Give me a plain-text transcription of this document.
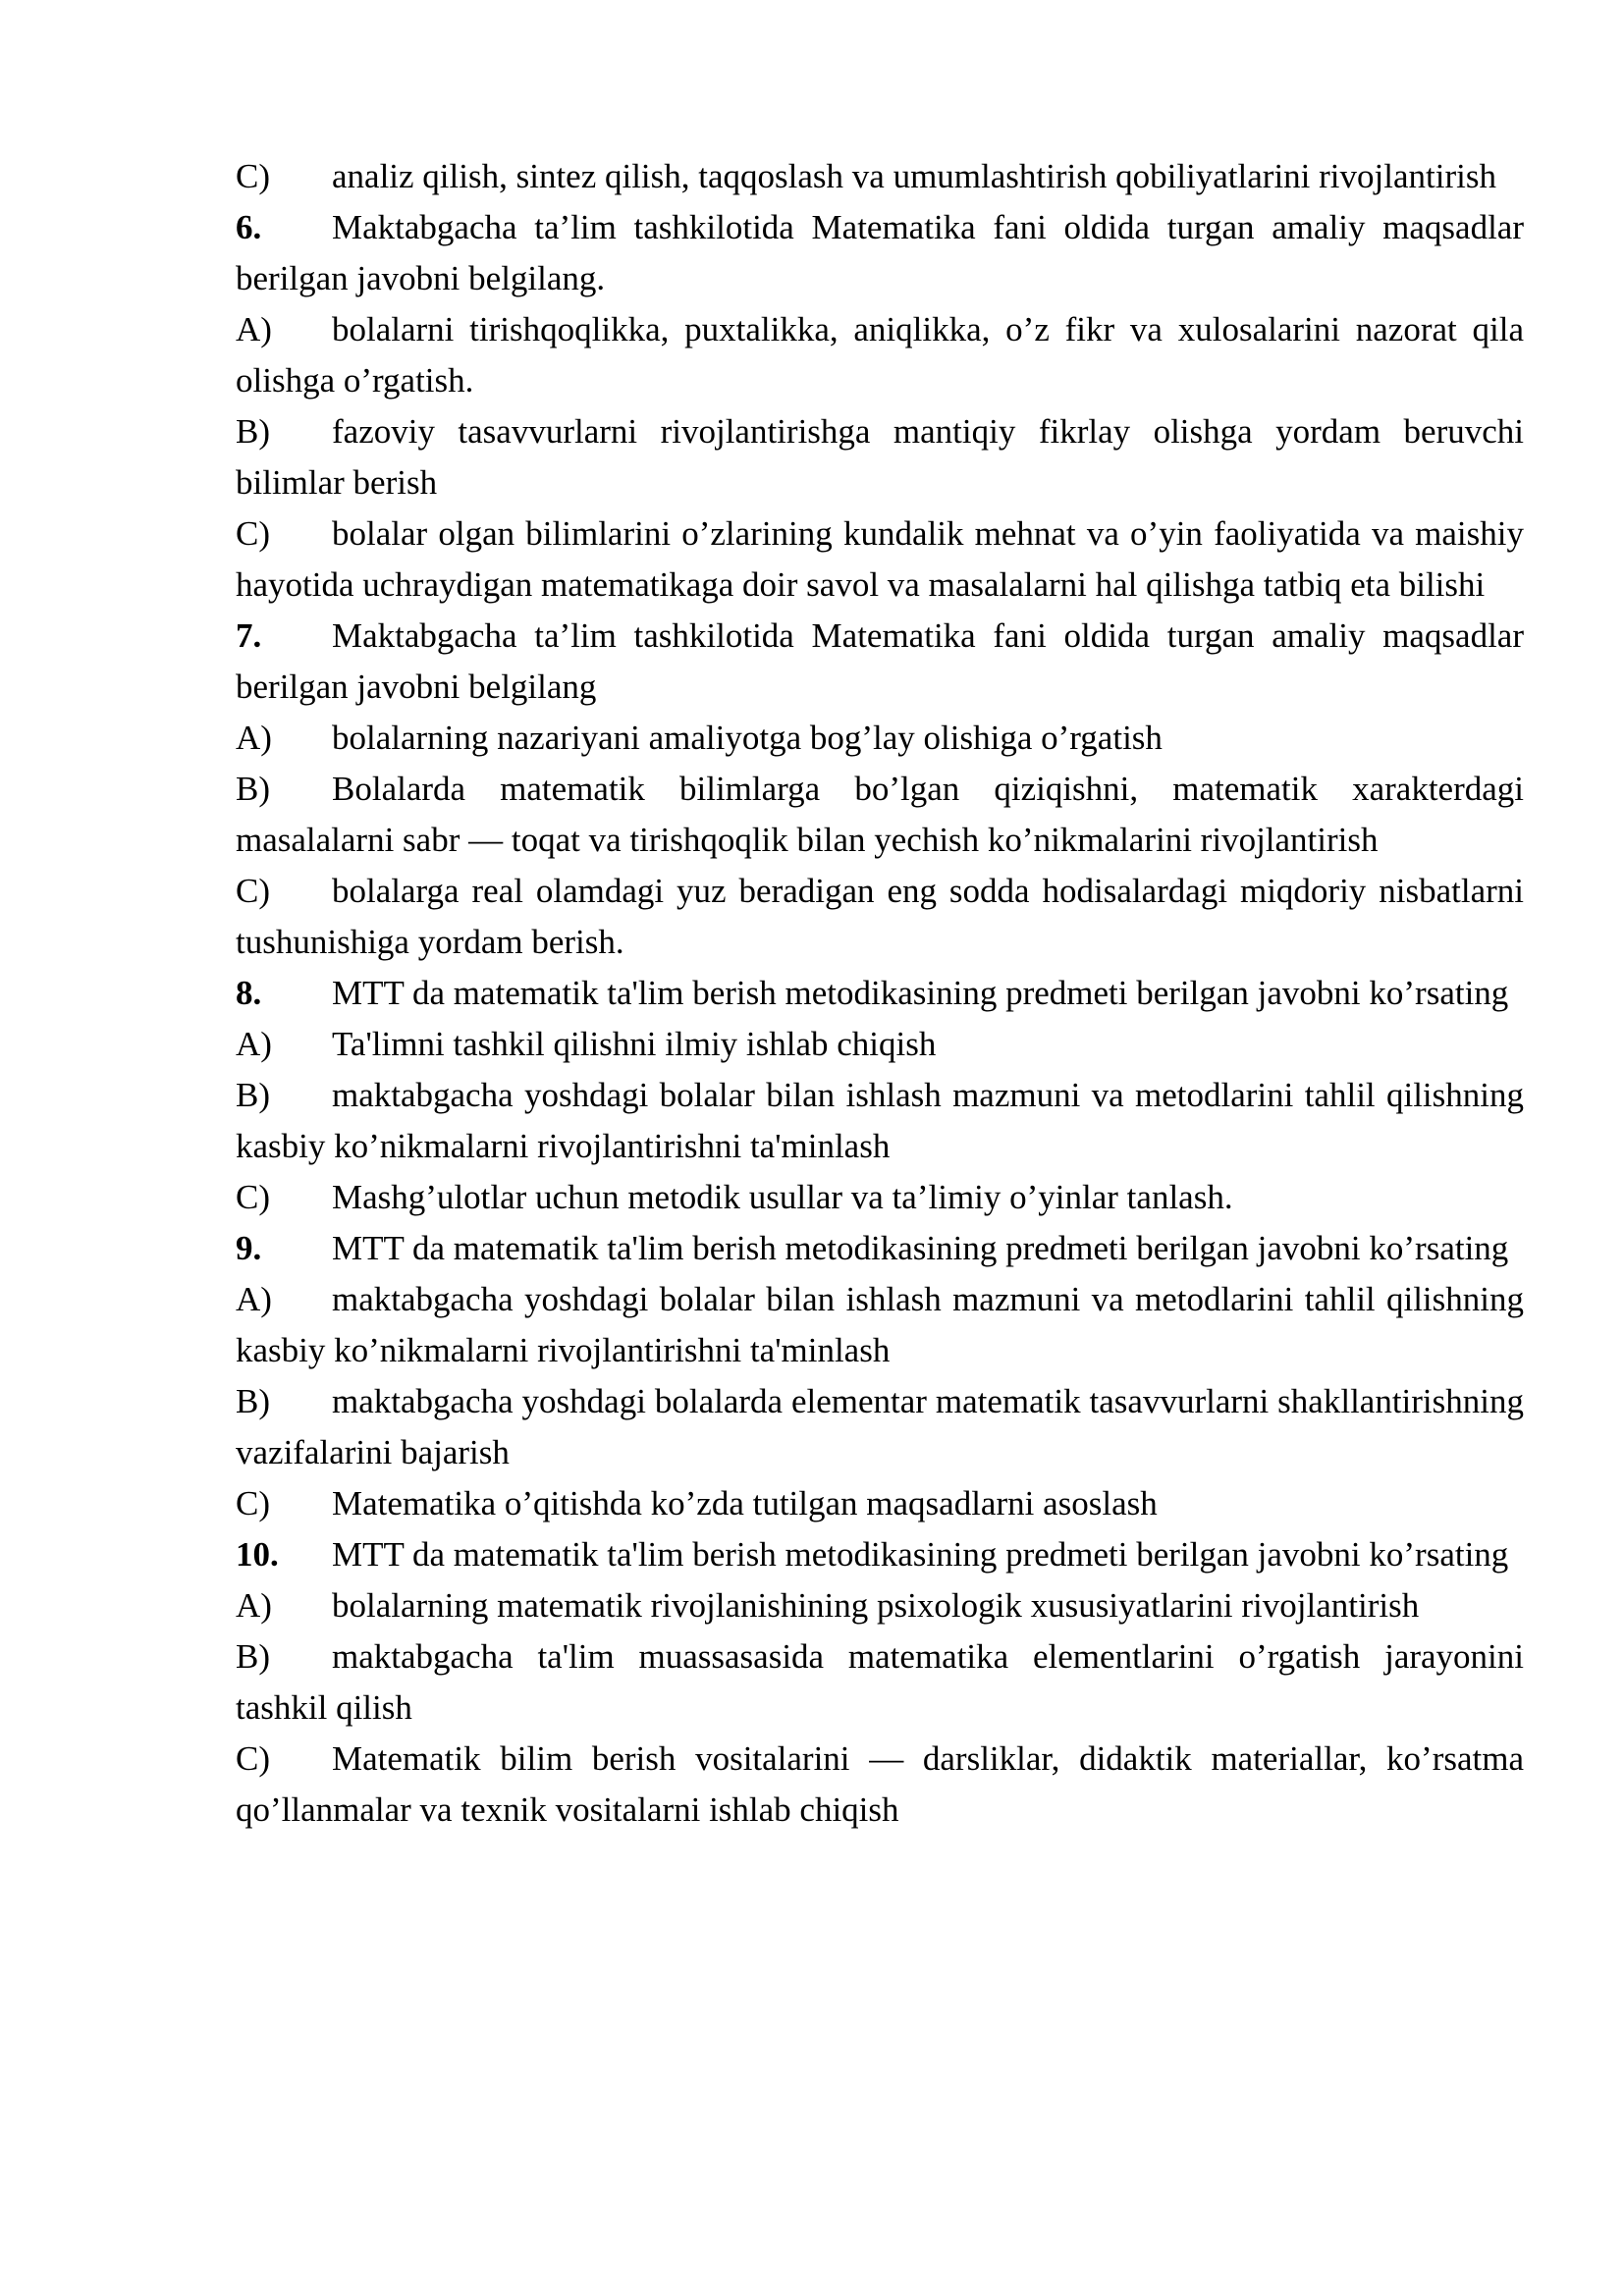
C) analiz qilish, sintez qilish, taqqoslash va umumlashtirish qobiliyatlarini rivojlantirish

6. Maktabgacha ta’lim tashkilotida Matematika fani oldida turgan amaliy maqsadlar berilgan javobni belgilang.

A) bolalarni tirishqoqlikka, puxtalikka, aniqlikka, o’z fikr va xulosalarini nazorat qila olishga o’rgatish.

B) fazoviy tasavvurlarni rivojlantirishga mantiqiy fikrlay olishga yordam beruvchi bilimlar berish

C) bolalar olgan bilimlarini o’zlarining kundalik mehnat va o’yin faoliyatida va maishiy hayotida uchraydigan matematikaga doir savol va masalalarni hal qilishga tatbiq eta bilishi

7. Maktabgacha ta’lim tashkilotida Matematika fani oldida turgan amaliy maqsadlar berilgan javobni belgilang

A) bolalarning nazariyani amaliyotga bog’lay olishiga o’rgatish

B) Bolalarda matematik bilimlarga bo’lgan qiziqishni, matematik xarakterdagi masalalarni sabr — toqat va tirishqoqlik bilan yechish ko’nikmalarini rivojlantirish

C) bolalarga real olamdagi yuz beradigan eng sodda hodisalardagi miqdoriy nisbatlarni tushunishiga yordam berish.

8. MTT da matematik ta'lim berish metodikasining predmeti berilgan javobni ko’rsating

A) Ta'limni tashkil qilishni ilmiy ishlab chiqish

B) maktabgacha yoshdagi bolalar bilan ishlash mazmuni va metodlarini tahlil qilishning kasbiy ko’nikmalarni rivojlantirishni ta'minlash

C) Mashg’ulotlar uchun metodik usullar va ta’limiy o’yinlar tanlash.

9. MTT da matematik ta'lim berish metodikasining predmeti berilgan javobni ko’rsating

A) maktabgacha yoshdagi bolalar bilan ishlash mazmuni va metodlarini tahlil qilishning kasbiy ko’nikmalarni rivojlantirishni ta'minlash

B) maktabgacha yoshdagi bolalarda elementar matematik tasavvurlarni shakllantirishning vazifalarini bajarish

C) Matematika o’qitishda ko’zda tutilgan maqsadlarni asoslash

10. MTT da matematik ta'lim berish metodikasining predmeti berilgan javobni ko’rsating

A) bolalarning matematik rivojlanishining psixologik xususiyatlarini rivojlantirish

B) maktabgacha ta'lim muassasasida matematika elementlarini o’rgatish jarayonini tashkil qilish

C) Matematik bilim berish vositalarini — darsliklar, didaktik materiallar, ko’rsatma qo’llanmalar va texnik vositalarni ishlab chiqish
